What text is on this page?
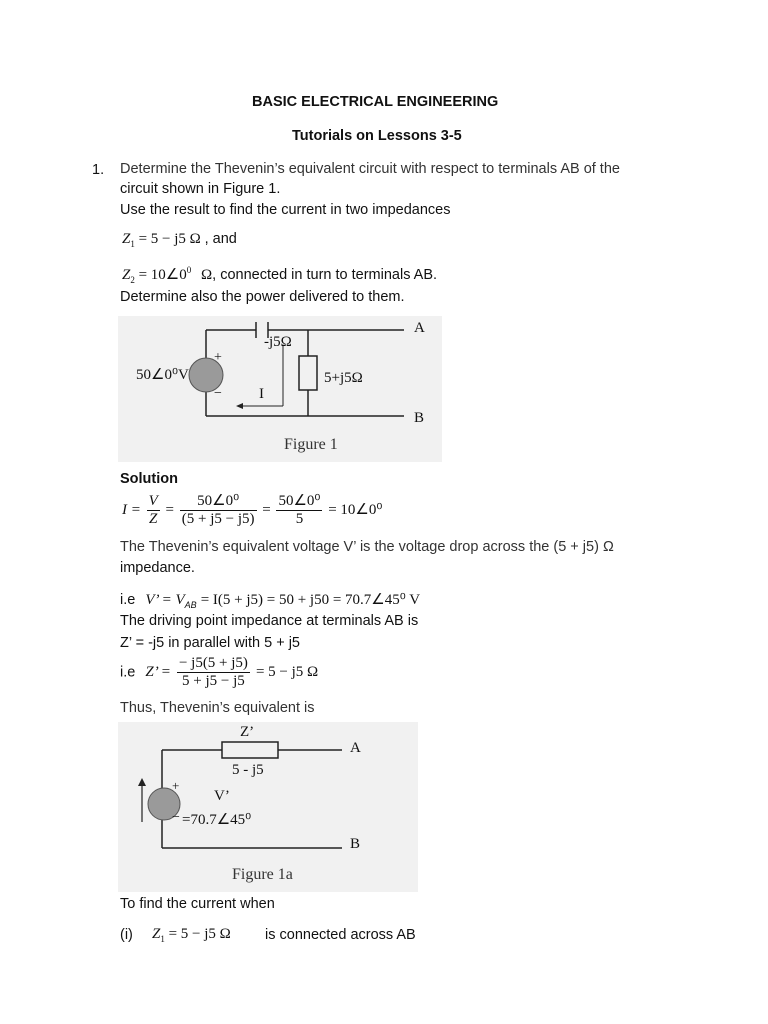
BASIC ELECTRICAL ENGINEERING
Tutorials on Lessons 3-5
1. Determine the Thevenin’s equivalent circuit with respect to terminals AB of the
circuit shown in Figure 1.
Use the result to find the current in two impedances
$Z_1 = 5 - j5$ Ω , and
$Z_2$ = $10\angle 0^0$ Ω, connected in turn to terminals AB.
Determine also the power delivered to them.
50∠0⁰V
+
−
-j5Ω
5+j5Ω
I
A
B
Figure 1
Solution
$I = \frac{V}{Z} = \frac{\text{50∠0⁰}}{(5 + j5 - j5)} = \frac{\text{50∠0⁰}}{5}$ = 10∠0⁰
The Thevenin’s equivalent voltage V’ is the voltage drop across the (5 + j5) Ω
impedance.
i.e V’ = $V_{AB} = I(5 + j5) = 50 + j50$ = 70.7∠45⁰ V
The driving point impedance at terminals AB is
Z’ = -j5 in parallel with 5 + j5
i.e Z’ = $\frac{- j5(5 + j5)}{5 + j5 - j5} = 5 - j5$ Ω
Thus, Thevenin’s equivalent is
Z’
5 - j5
A
B
+
V’
− =70.7∠45⁰
Figure 1a
To find the current when
(i) $Z_1 = 5 - j5$ Ω is connected across AB
